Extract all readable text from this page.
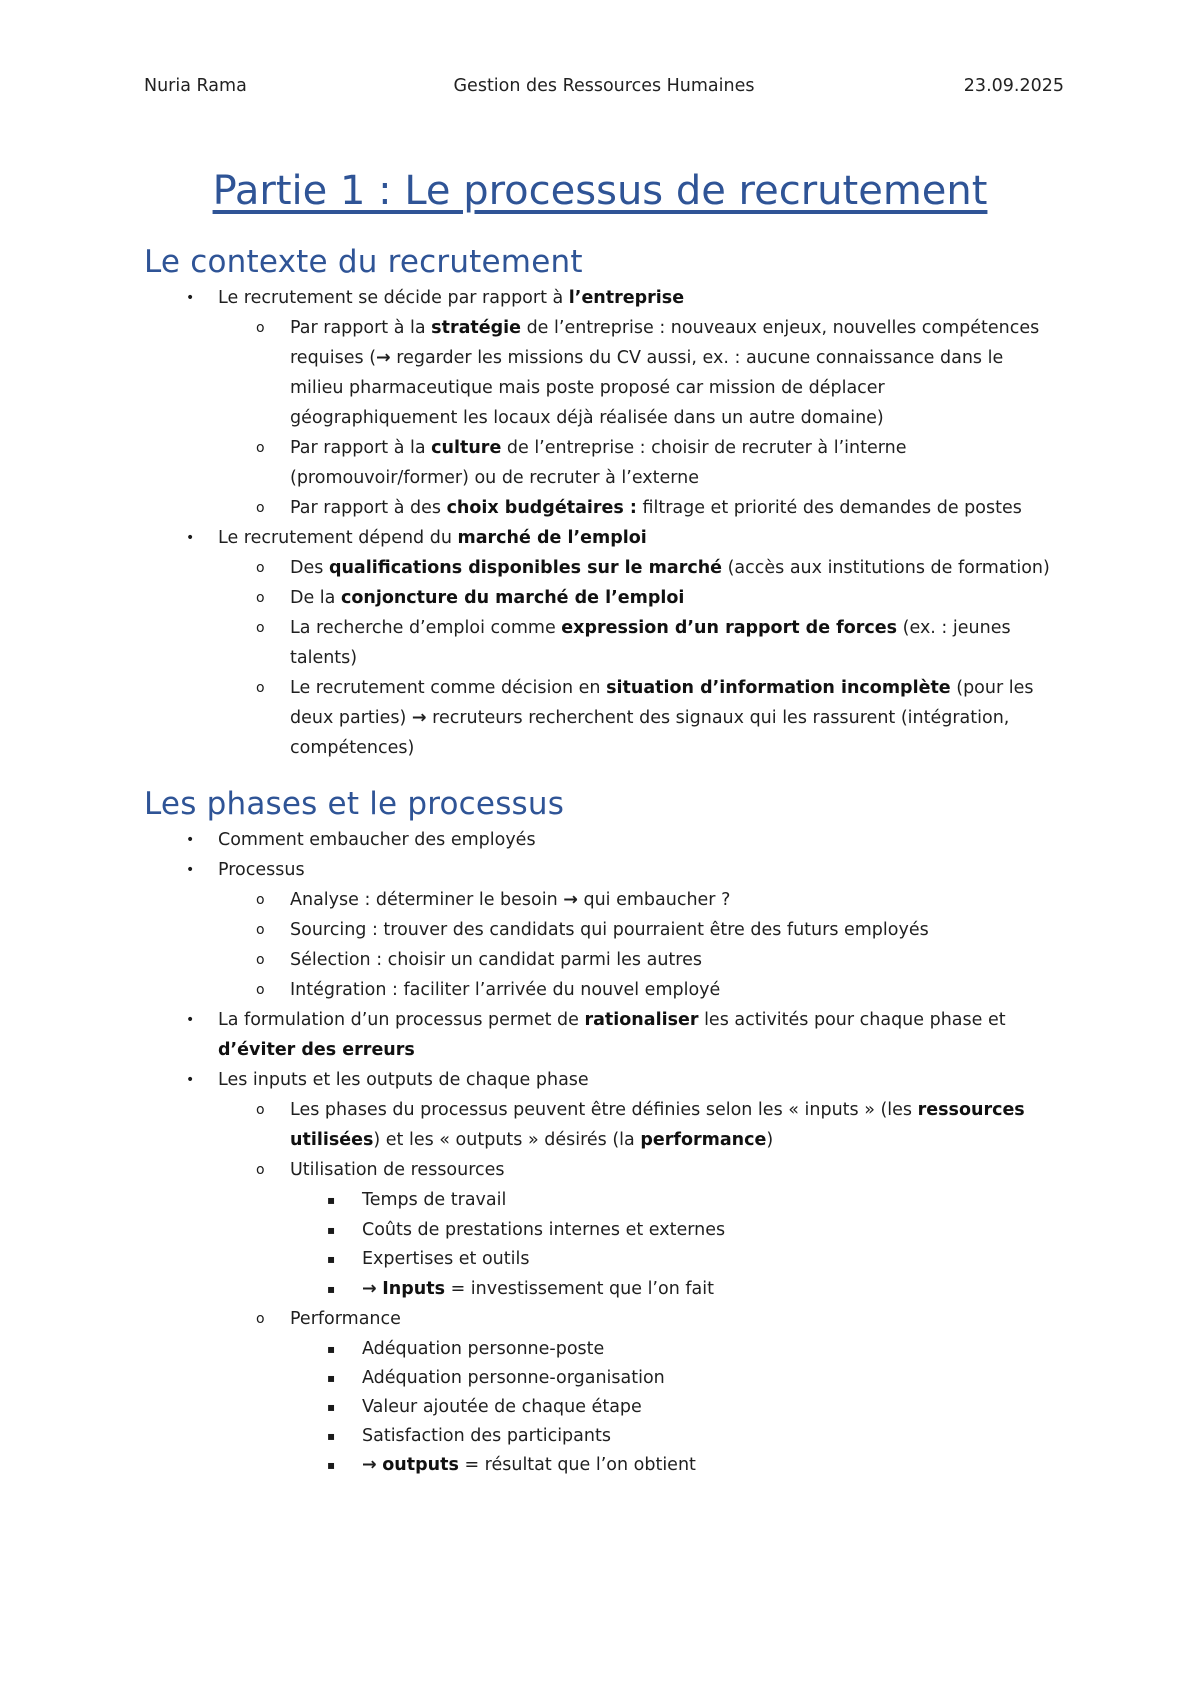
Nuria Rama	Gestion des Ressources Humaines	23.09.2025
Partie 1 : Le processus de recrutement
Le contexte du recrutement
• Le recrutement se décide par rapport à l’entreprise
o Par rapport à la stratégie de l’entreprise : nouveaux enjeux, nouvelles compétences
requises (→ regarder les missions du CV aussi, ex. : aucune connaissance dans le
milieu pharmaceutique mais poste proposé car mission de déplacer
géographiquement les locaux déjà réalisée dans un autre domaine)
o Par rapport à la culture de l’entreprise : choisir de recruter à l’interne
(promouvoir/former) ou de recruter à l’externe
o Par rapport à des choix budgétaires : filtrage et priorité des demandes de postes
• Le recrutement dépend du marché de l’emploi
o Des qualifications disponibles sur le marché (accès aux institutions de formation)
o De la conjoncture du marché de l’emploi
o La recherche d’emploi comme expression d’un rapport de forces (ex. : jeunes
talents)
o Le recrutement comme décision en situation d’information incomplète (pour les
deux parties) → recruteurs recherchent des signaux qui les rassurent (intégration,
compétences)
Les phases et le processus
• Comment embaucher des employés
• Processus
o Analyse : déterminer le besoin → qui embaucher ?
o Sourcing : trouver des candidats qui pourraient être des futurs employés
o Sélection : choisir un candidat parmi les autres
o Intégration : faciliter l’arrivée du nouvel employé
• La formulation d’un processus permet de rationaliser les activités pour chaque phase et
d’éviter des erreurs
• Les inputs et les outputs de chaque phase
o Les phases du processus peuvent être définies selon les « inputs » (les ressources
utilisées) et les « outputs » désirés (la performance)
o Utilisation de ressources
▪ Temps de travail
▪ Coûts de prestations internes et externes
▪ Expertises et outils
▪ → Inputs = investissement que l’on fait
o Performance
▪ Adéquation personne-poste
▪ Adéquation personne-organisation
▪ Valeur ajoutée de chaque étape
▪ Satisfaction des participants
▪ → outputs = résultat que l’on obtient
